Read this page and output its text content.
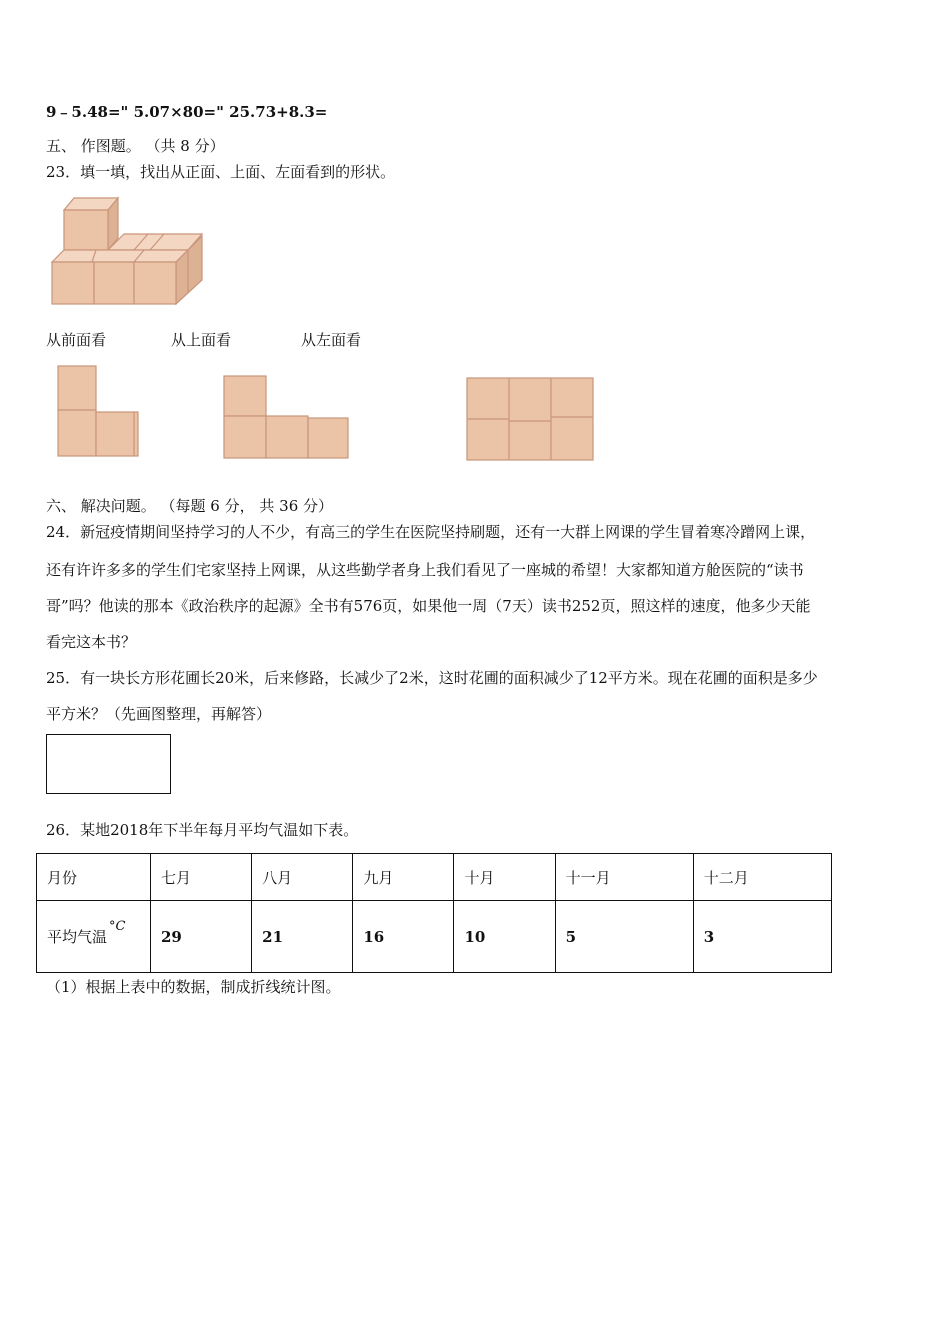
9﹣5.48=" 5.07×80=" 25.73+8.3=
五、 作图题。 （共 8 分）
23．填一填，找出从正面、上面、左面看到的形状。
从前面看	从上面看	从左面看
六、 解决问题。 （每题 6 分， 共 36 分）
24．新冠疫情期间坚持学习的人不少，有高三的学生在医院坚持刷题，还有一大群上网课的学生冒着寒冷蹭网上课，
还有许许多多的学生们宅家坚持上网课，从这些勤学者身上我们看见了一座城的希望！大家都知道方舱医院的“读书
哥”吗？他读的那本《政治秩序的起源》全书有576页，如果他一周（7天）读书252页，照这样的速度，他多少天能
看完这本书？
25．有一块长方形花圃长20米，后来修路，长减少了2米，这时花圃的面积减少了12平方米。现在花圃的面积是多少
平方米？（先画图整理，再解答）
26．某地2018年下半年每月平均气温如下表。
月份	七月	八月	九月	十月	十一月	十二月
平均气温°C	29	21	16	10	5	3
（1）根据上表中的数据，制成折线统计图。
